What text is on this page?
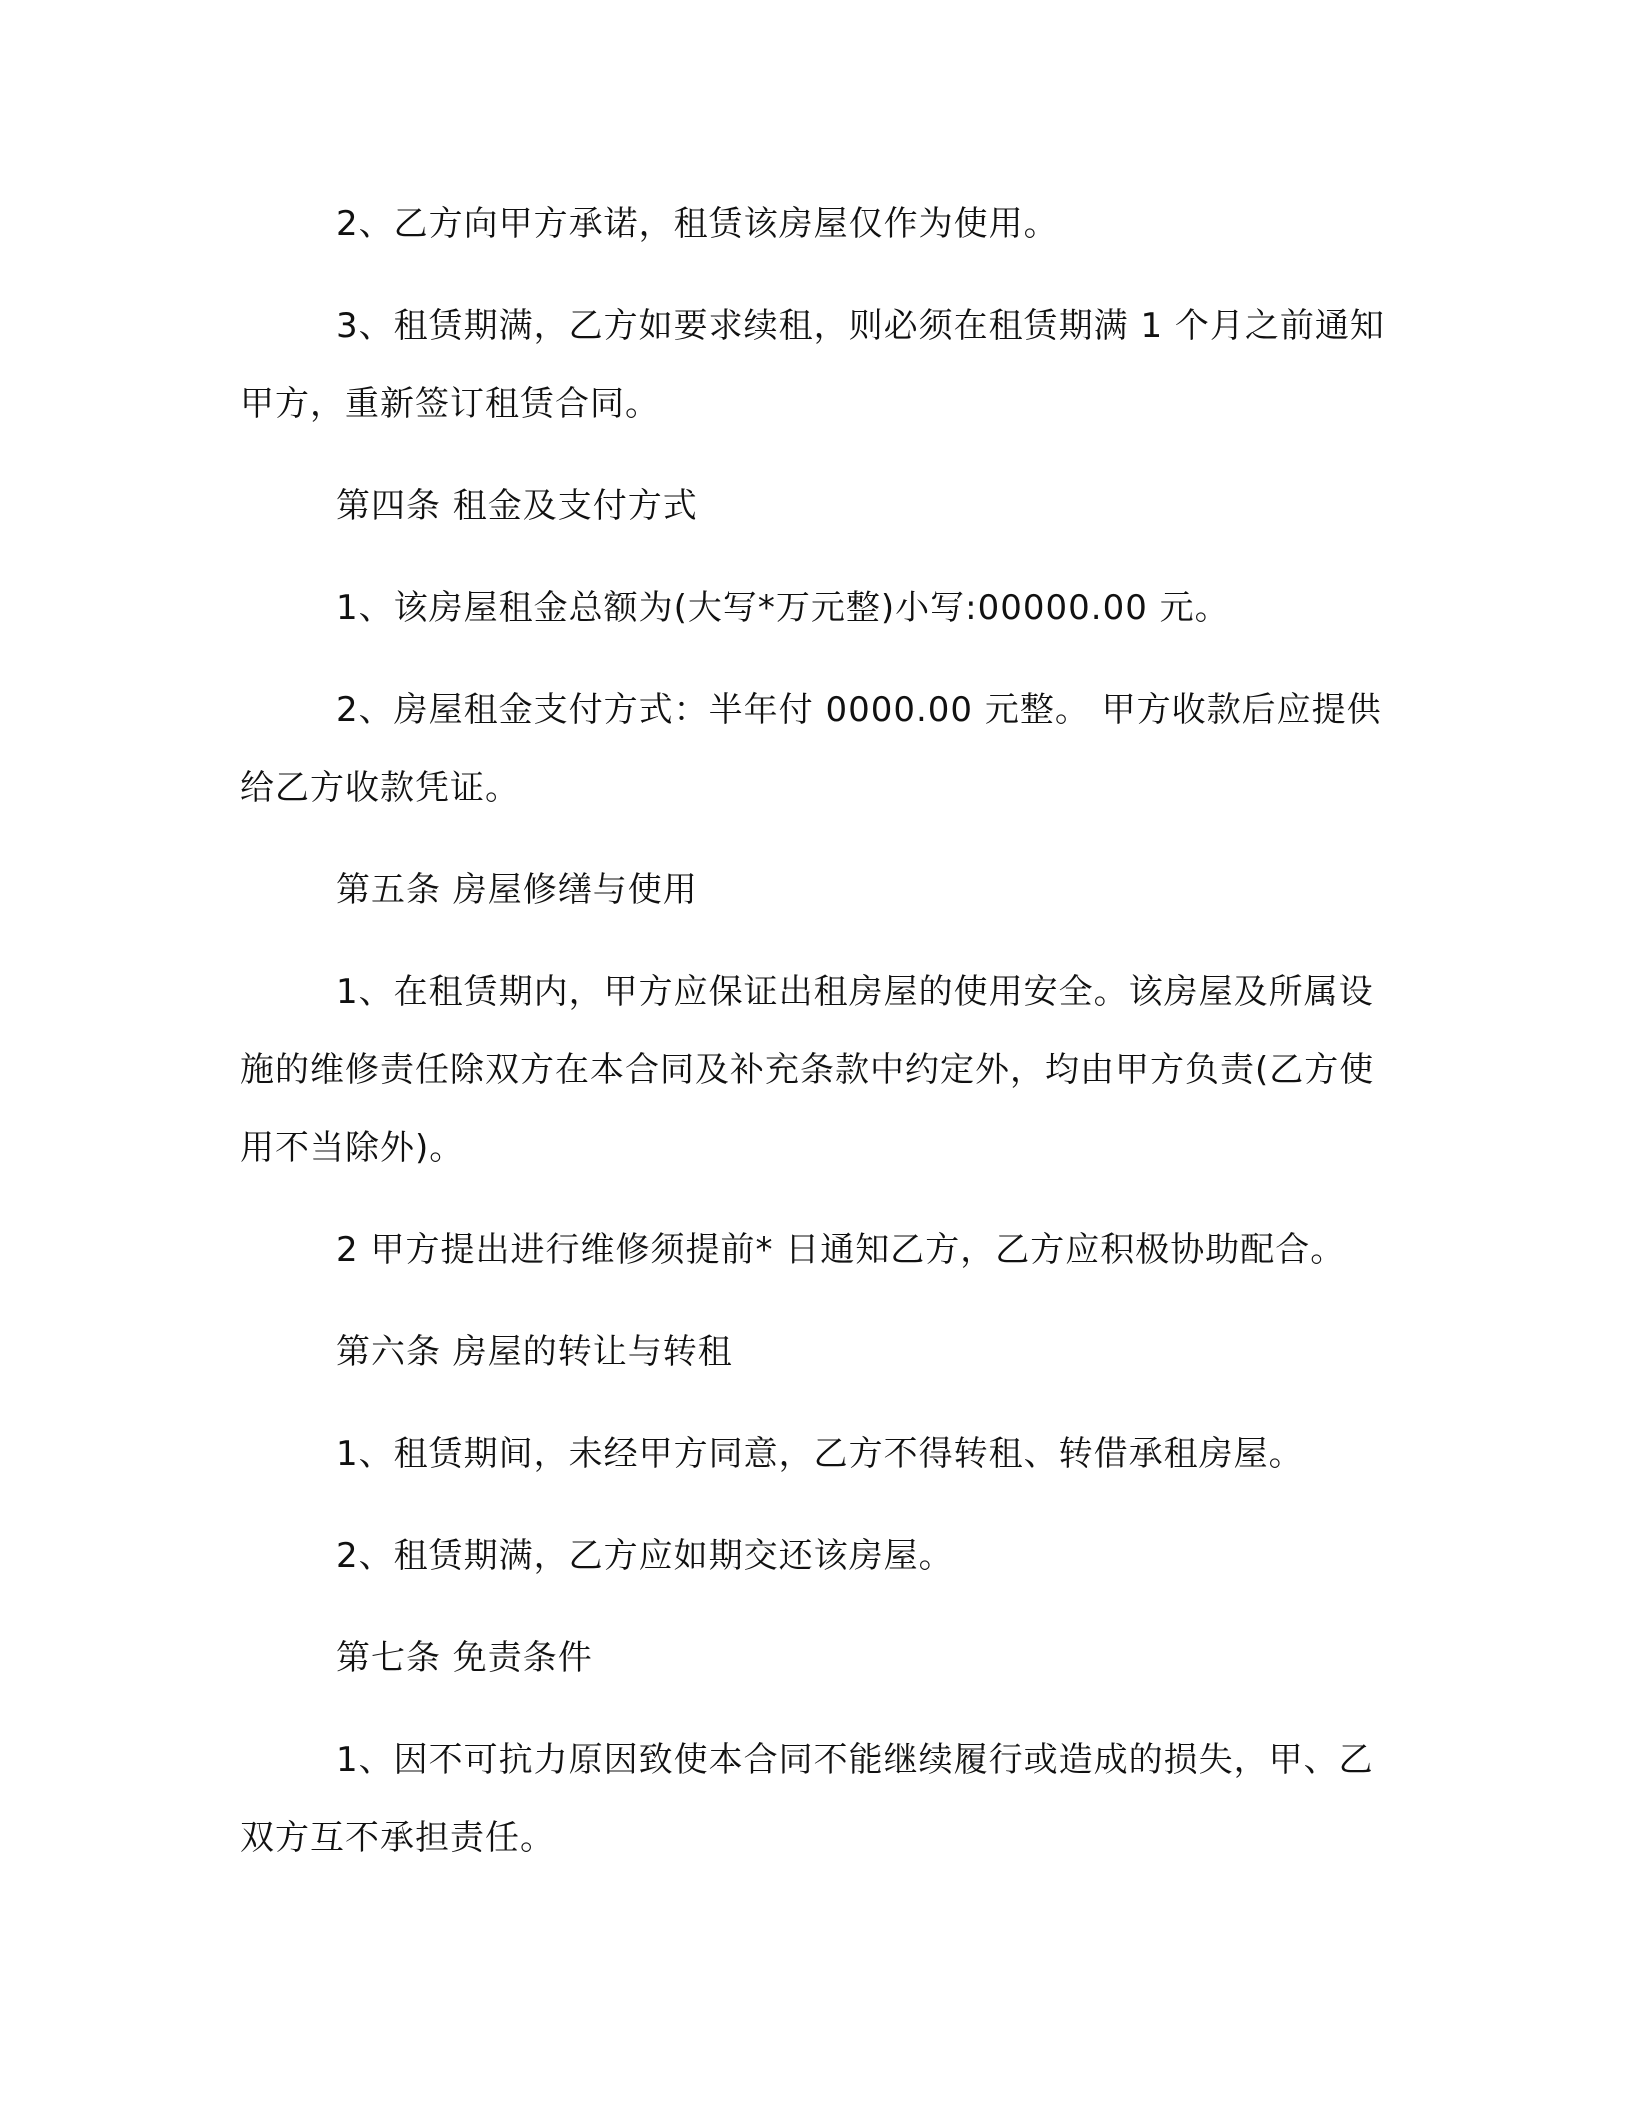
2、乙方向甲方承诺，租赁该房屋仅作为使用。

3、租赁期满，乙方如要求续租，则必须在租赁期满 1 个月之前通知甲方，重新签订租赁合同。

第四条 租金及支付方式

1、该房屋租金总额为(大写*万元整)小写:00000.00 元。

2、房屋租金支付方式：半年付 0000.00 元整。 甲方收款后应提供给乙方收款凭证。

第五条 房屋修缮与使用

1、在租赁期内，甲方应保证出租房屋的使用安全。该房屋及所属设施的维修责任除双方在本合同及补充条款中约定外，均由甲方负责(乙方使用不当除外)。

2 甲方提出进行维修须提前* 日通知乙方，乙方应积极协助配合。

第六条 房屋的转让与转租

1、租赁期间，未经甲方同意，乙方不得转租、转借承租房屋。

2、租赁期满，乙方应如期交还该房屋。

第七条 免责条件

1、因不可抗力原因致使本合同不能继续履行或造成的损失，甲、乙双方互不承担责任。
